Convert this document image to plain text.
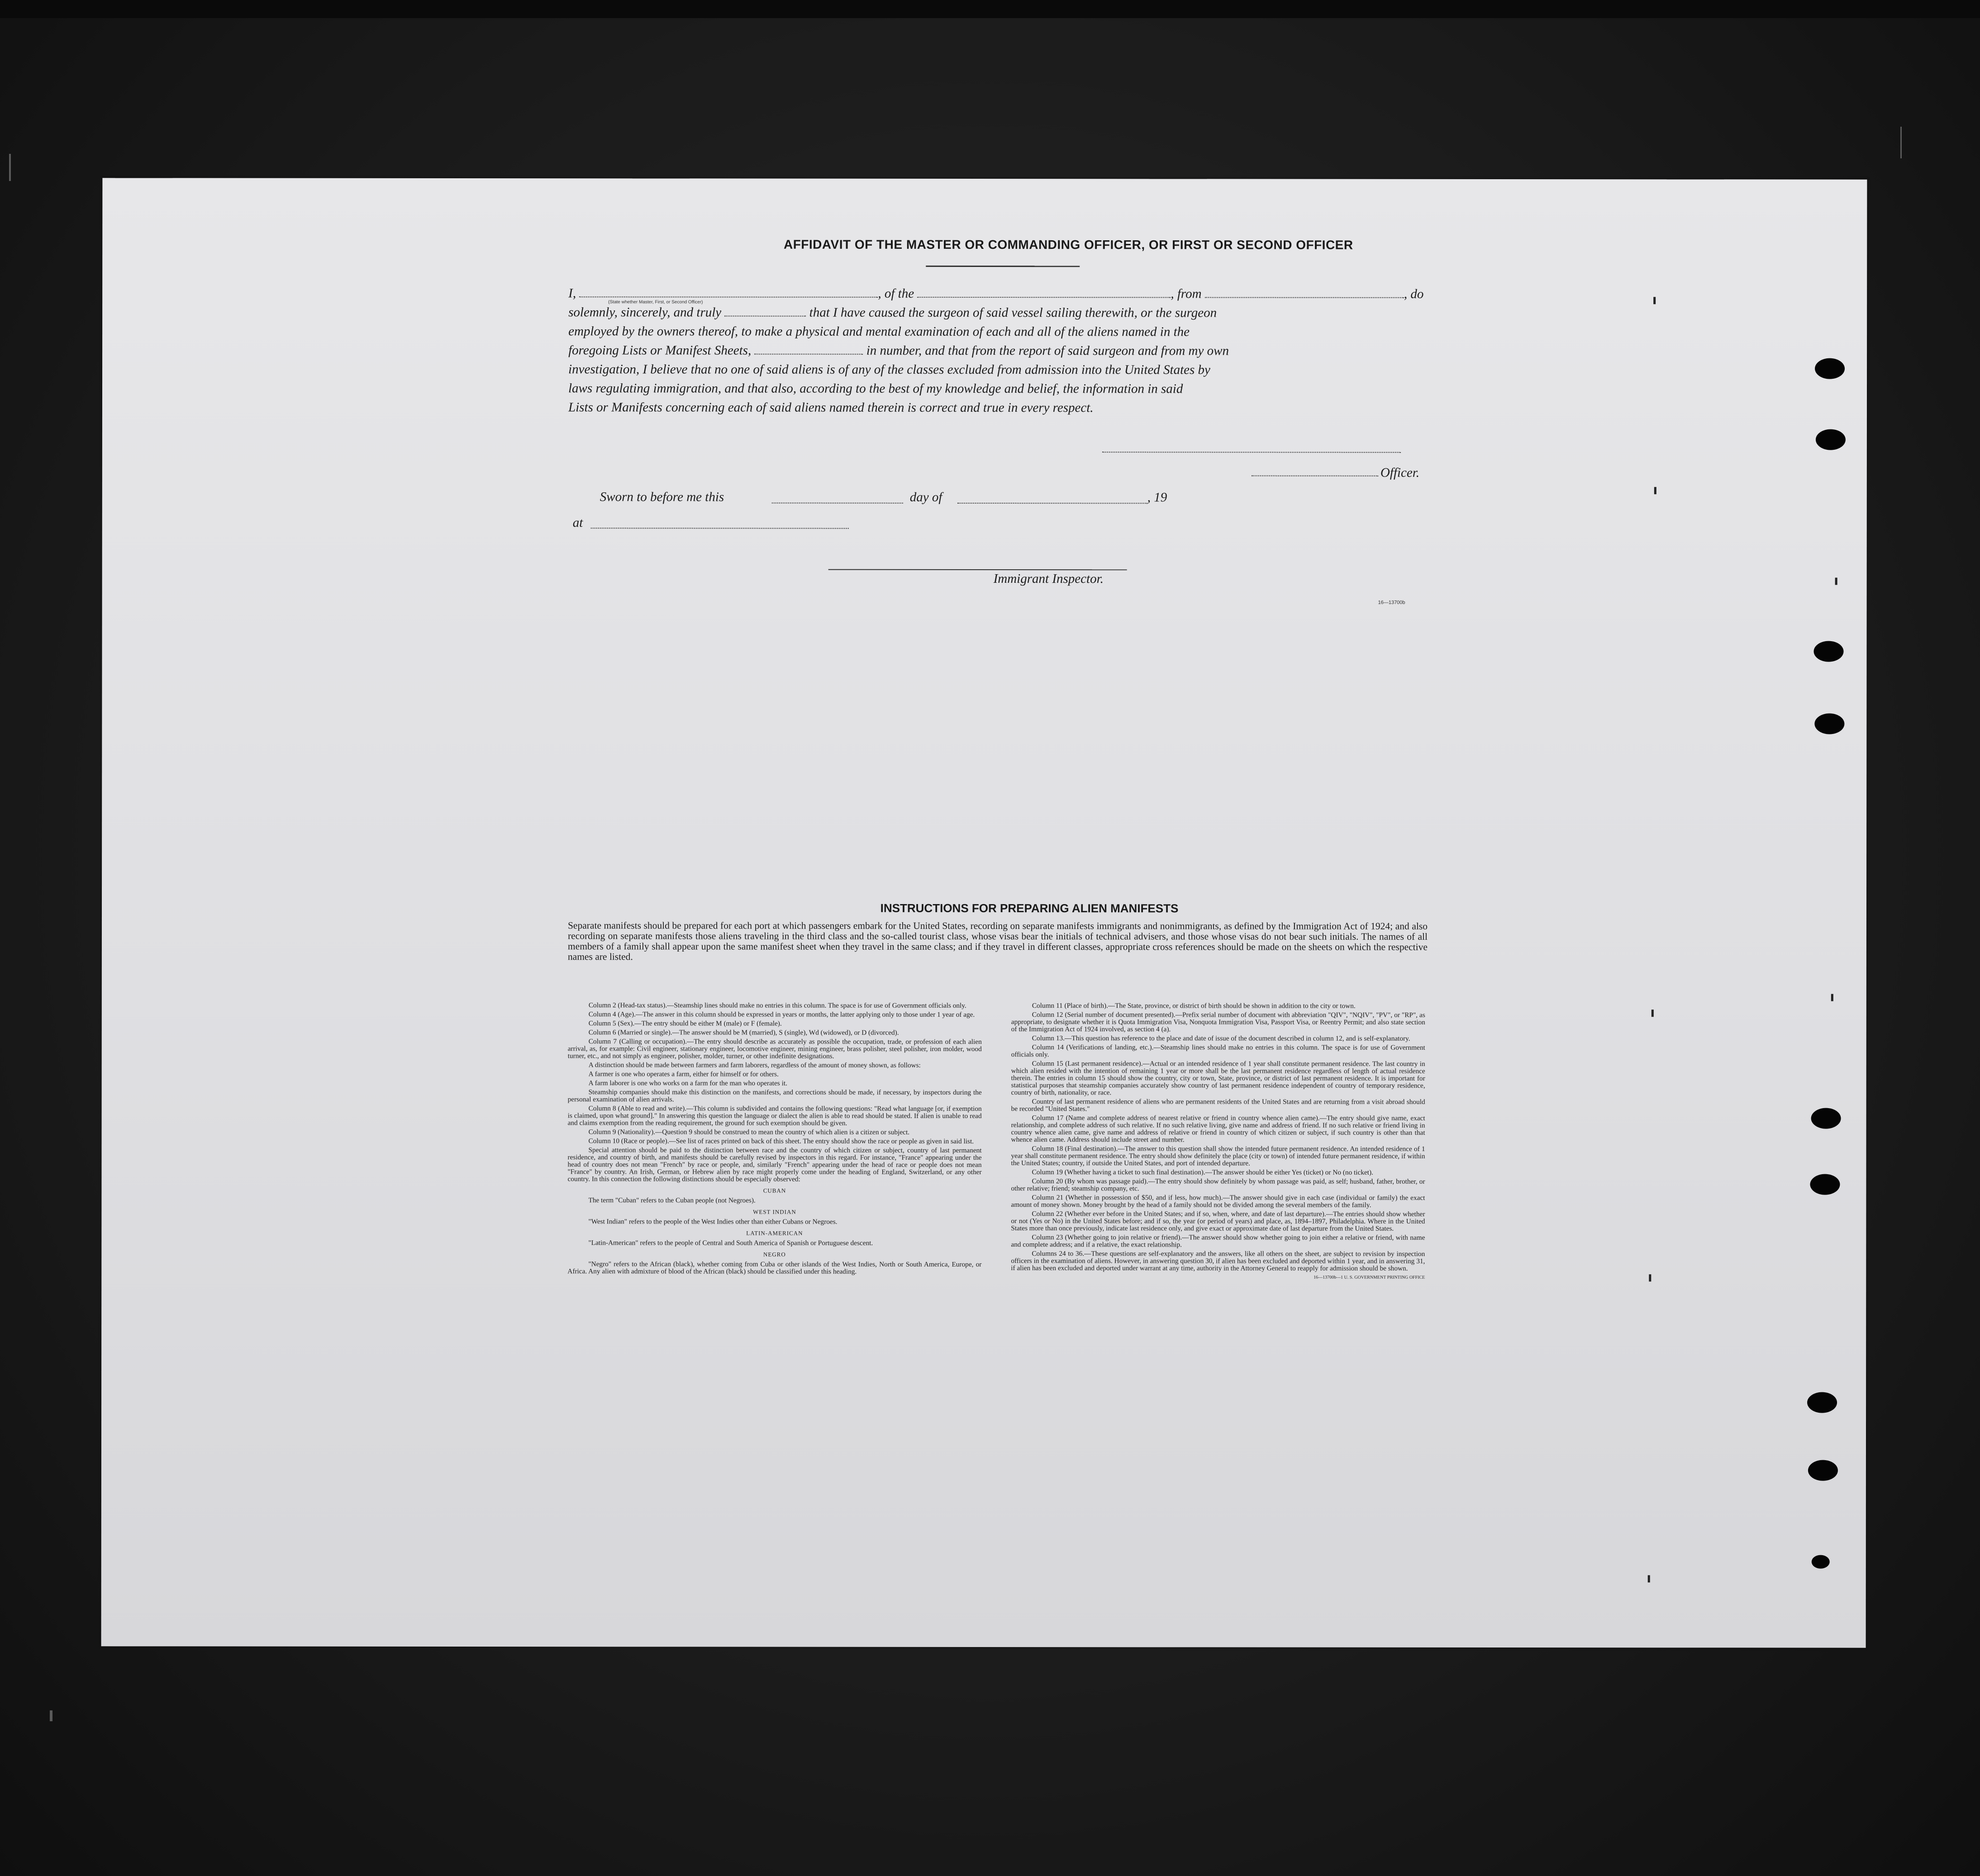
AFFIDAVIT OF THE MASTER OR COMMANDING OFFICER, OR FIRST OR SECOND OFFICER
I,	, of the	, from	, do
(State whether Master, First, or Second Officer)
solemnly, sincerely, and truly	that I have caused the surgeon of said vessel sailing therewith, or the surgeon
employed by the owners thereof, to make a physical and mental examination of each and all of the aliens named in the
foregoing Lists or Manifest Sheets,	in number, and that from the report of said surgeon and from my own
investigation, I believe that no one of said aliens is of any of the classes excluded from admission into the United States by
laws regulating immigration, and that also, according to the best of my knowledge and belief, the information in said
Lists or Manifests concerning each of said aliens named therein is correct and true in every respect.
Officer.
Sworn to before me this	day of	, 19
at
Immigrant Inspector.
16—13700b
INSTRUCTIONS FOR PREPARING ALIEN MANIFESTS
Separate manifests should be prepared for each port at which passengers embark for the United States, recording on separate manifests immigrants and nonimmigrants, as defined by the Immigration Act of 1924; and also recording on separate manifests those aliens traveling in the third class and the so-called tourist class, whose visas bear the initials of technical advisers, and those whose visas do not bear such initials. The names of all members of a family shall appear upon the same manifest sheet when they travel in the same class; and if they travel in different classes, appropriate cross references should be made on the sheets on which the respective names are listed.

Column 2 (Head-tax status).—Steamship lines should make no entries in this column. The space is for use of Government officials only.

Column 4 (Age).—The answer in this column should be expressed in years or months, the latter applying only to those under 1 year of age.

Column 5 (Sex).—The entry should be either M (male) or F (female).

Column 6 (Married or single).—The answer should be M (married), S (single), Wd (widowed), or D (divorced).

Column 7 (Calling or occupation).—The entry should describe as accurately as possible the occupation, trade, or profession of each alien arrival, as, for example: Civil engineer, stationary engineer, locomotive engineer, mining engineer, brass polisher, steel polisher, iron molder, wood turner, etc., and not simply as engineer, polisher, molder, turner, or other indefinite designations.

A distinction should be made between farmers and farm laborers, regardless of the amount of money shown, as follows:

A farmer is one who operates a farm, either for himself or for others.

A farm laborer is one who works on a farm for the man who operates it.

Steamship companies should make this distinction on the manifests, and corrections should be made, if necessary, by inspectors during the personal examination of alien arrivals.

Column 8 (Able to read and write).—This column is subdivided and contains the following questions: "Read what language [or, if exemption is claimed, upon what ground]." In answering this question the language or dialect the alien is able to read should be stated. If alien is unable to read and claims exemption from the reading requirement, the ground for such exemption should be given.

Column 9 (Nationality).—Question 9 should be construed to mean the country of which alien is a citizen or subject.

Column 10 (Race or people).—See list of races printed on back of this sheet. The entry should show the race or people as given in said list.

Special attention should be paid to the distinction between race and the country of which citizen or subject, country of last permanent residence, and country of birth, and manifests should be carefully revised by inspectors in this regard. For instance, "France" appearing under the head of country does not mean "French" by race or people, and, similarly "French" appearing under the head of race or people does not mean "France" by country. An Irish, German, or Hebrew alien by race might properly come under the heading of England, Switzerland, or any other country. In this connection the following distinctions should be especially observed:

CUBAN

The term "Cuban" refers to the Cuban people (not Negroes).

WEST INDIAN

"West Indian" refers to the people of the West Indies other than either Cubans or Negroes.

LATIN-AMERICAN

"Latin-American" refers to the people of Central and South America of Spanish or Portuguese descent.

NEGRO

"Negro" refers to the African (black), whether coming from Cuba or other islands of the West Indies, North or South America, Europe, or Africa. Any alien with admixture of blood of the African (black) should be classified under this heading.

Column 11 (Place of birth).—The State, province, or district of birth should be shown in addition to the city or town.

Column 12 (Serial number of document presented).—Prefix serial number of document with abbreviation "QIV", "NQIV", "PV", or "RP", as appropriate, to designate whether it is Quota Immigration Visa, Nonquota Immigration Visa, Passport Visa, or Reentry Permit; and also state section of the Immigration Act of 1924 involved, as section 4 (a).

Column 13.—This question has reference to the place and date of issue of the document described in column 12, and is self-explanatory.

Column 14 (Verifications of landing, etc.).—Steamship lines should make no entries in this column. The space is for use of Government officials only.

Column 15 (Last permanent residence).—Actual or an intended residence of 1 year shall constitute permanent residence. The last country in which alien resided with the intention of remaining 1 year or more shall be the last permanent residence regardless of length of actual residence therein. The entries in column 15 should show the country, city or town, State, province, or district of last permanent residence. It is important for statistical purposes that steamship companies accurately show country of last permanent residence independent of country of temporary residence, country of birth, nationality, or race.

Country of last permanent residence of aliens who are permanent residents of the United States and are returning from a visit abroad should be recorded "United States."

Column 17 (Name and complete address of nearest relative or friend in country whence alien came).—The entry should give name, exact relationship, and complete address of such relative. If no such relative living, give name and address of friend. If no such relative or friend living in country whence alien came, give name and address of relative or friend in country of which citizen or subject, if such country is other than that whence alien came. Address should include street and number.

Column 18 (Final destination).—The answer to this question shall show the intended future permanent residence. An intended residence of 1 year shall constitute permanent residence. The entry should show definitely the place (city or town) of intended future permanent residence, if within the United States; country, if outside the United States, and port of intended departure.

Column 19 (Whether having a ticket to such final destination).—The answer should be either Yes (ticket) or No (no ticket).

Column 20 (By whom was passage paid).—The entry should show definitely by whom passage was paid, as self; husband, father, brother, or other relative; friend; steamship company, etc.

Column 21 (Whether in possession of $50, and if less, how much).—The answer should give in each case (individual or family) the exact amount of money shown. Money brought by the head of a family should not be divided among the several members of the family.

Column 22 (Whether ever before in the United States; and if so, when, where, and date of last departure).—The entries should show whether or not (Yes or No) in the United States before; and if so, the year (or period of years) and place, as, 1894–1897, Philadelphia. Where in the United States more than once previously, indicate last residence only, and give exact or approximate date of last departure from the United States.

Column 23 (Whether going to join relative or friend).—The answer should show whether going to join either a relative or friend, with name and complete address; and if a relative, the exact relationship.

Columns 24 to 36.—These questions are self-explanatory and the answers, like all others on the sheet, are subject to revision by inspection officers in the examination of aliens. However, in answering question 30, if alien has been excluded and deported within 1 year, and in answering 31, if alien has been excluded and deported under warrant at any time, authority in the Attorney General to reapply for admission should be shown.

16—13700b—1 U. S. GOVERNMENT PRINTING OFFICE
